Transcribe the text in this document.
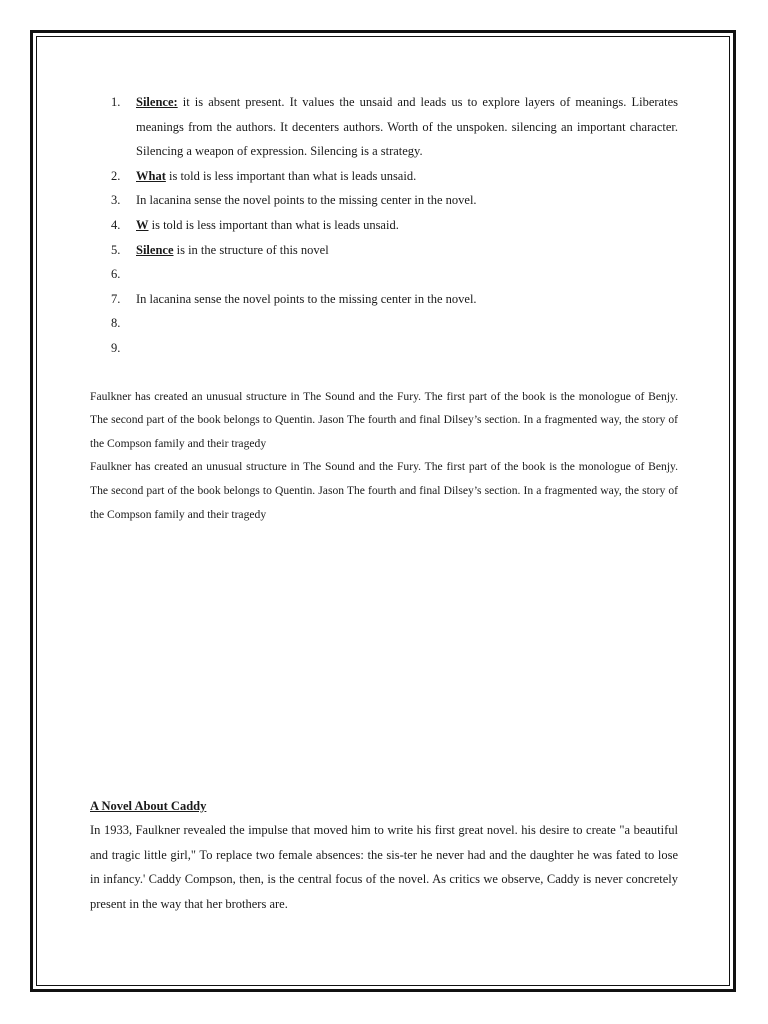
1.	Silence: it is absent present. It values the unsaid and leads us to explore layers of meanings. Liberates meanings from the authors. It decenters authors. Worth of the unspoken. silencing an important character. Silencing a weapon of expression. Silencing is a strategy.
2.	What is told is less important than what is leads unsaid.
3.	In lacanina sense the novel points to the missing center in the novel.
4.	W is told is less important than what is leads unsaid.
5.	Silence is in the structure of this novel
6.

7.	In lacanina sense the novel points to the missing center in the novel.
8.

9.

Faulkner has created an unusual structure in The Sound and the Fury. The first part of the book is the monologue of Benjy. The second part of the book belongs to Quentin. Jason The fourth and final Dilsey’s section. In a fragmented way, the story of the Compson family and their tragedy

Faulkner has created an unusual structure in The Sound and the Fury. The first part of the book is the monologue of Benjy. The second part of the book belongs to Quentin. Jason The fourth and final Dilsey’s section. In a fragmented way, the story of the Compson family and their tragedy

A Novel About Caddy

In 1933, Faulkner revealed the impulse that moved him to write his first great novel. his desire to create "a beautiful and tragic little girl," To replace two female absences: the sis-ter he never had and the daughter he was fated to lose in infancy.' Caddy Compson, then, is the central focus of the novel. As critics we observe, Caddy is never concretely present in the way that her brothers are.
